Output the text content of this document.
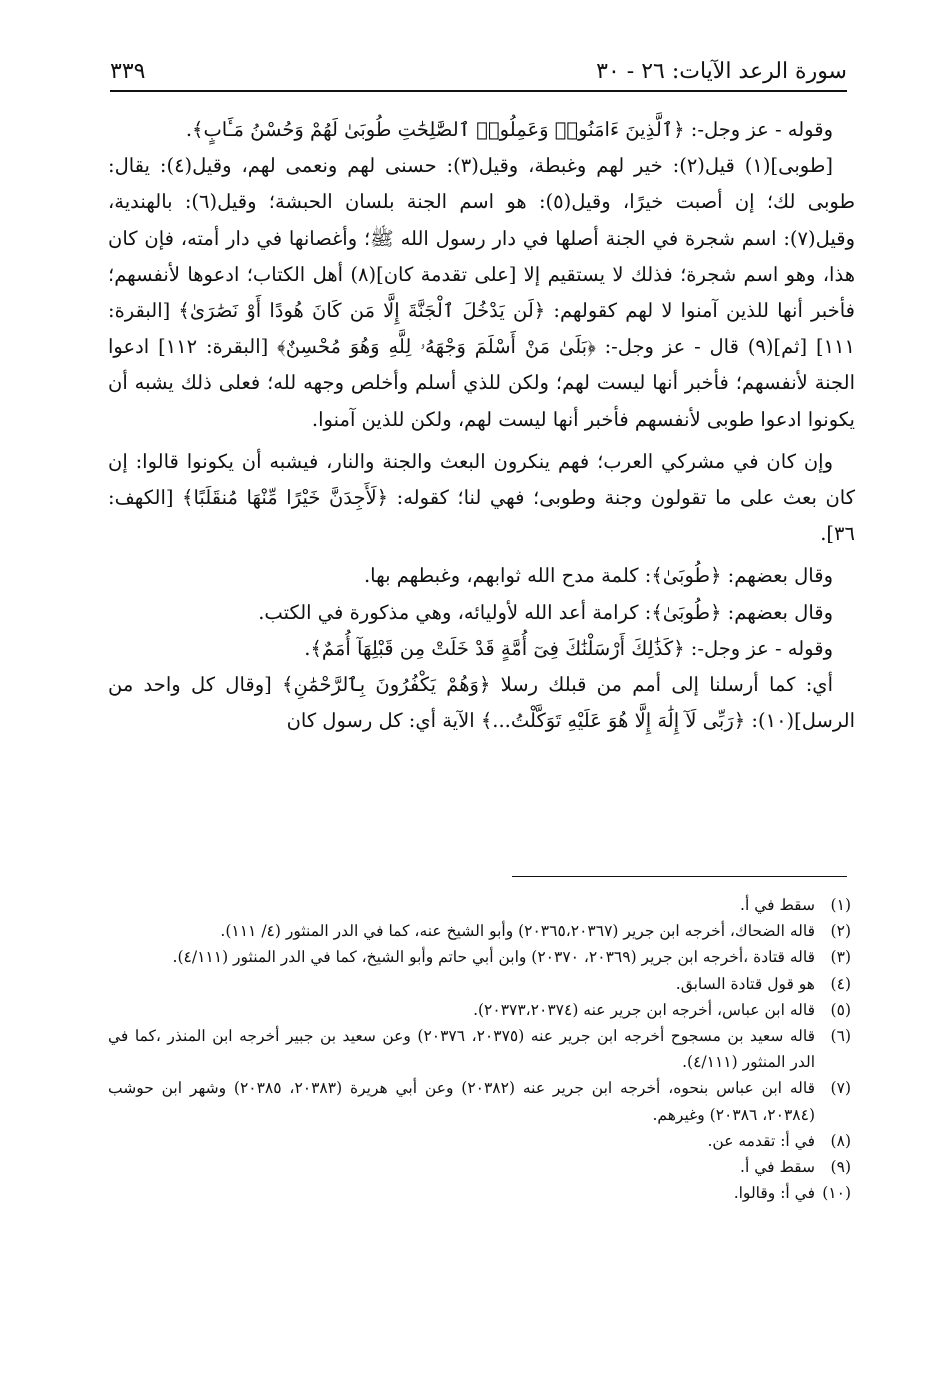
سورة الرعد الآيات: ٢٦ - ٣٠
٣٣٩

وقوله - عز وجل-: ﴿ٱلَّذِينَ ءَامَنُوا۟ وَعَمِلُوا۟ ٱلصَّٰلِحَٰتِ طُوبَىٰ لَهُمْ وَحُسْنُ مَـَٔابٍ﴾.

[طوبى](١) قيل(٢): خير لهم وغبطة، وقيل(٣): حسنى لهم ونعمى لهم، وقيل(٤): يقال: طوبى لك؛ إن أصبت خيرًا، وقيل(٥): هو اسم الجنة بلسان الحبشة؛ وقيل(٦): بالهندية، وقيل(٧): اسم شجرة في الجنة أصلها في دار رسول الله ﷺ؛ وأغصانها في دار أمته، فإن كان هذا، وهو اسم شجرة؛ فذلك لا يستقيم إلا [على تقدمة كان](٨) أهل الكتاب؛ ادعوها لأنفسهم؛ فأخبر أنها للذين آمنوا لا لهم كقولهم: ﴿لَن يَدْخُلَ ٱلْجَنَّةَ إِلَّا مَن كَانَ هُودًا أَوْ نَصَٰرَىٰ﴾ [البقرة: ١١١] [ثم](٩) قال - عز وجل-: ﴿بَلَىٰ مَنْ أَسْلَمَ وَجْهَهُۥ لِلَّهِ وَهُوَ مُحْسِنٌ﴾ [البقرة: ١١٢] ادعوا الجنة لأنفسهم؛ فأخبر أنها ليست لهم؛ ولكن للذي أسلم وأخلص وجهه لله؛ فعلى ذلك يشبه أن يكونوا ادعوا طوبى لأنفسهم فأخبر أنها ليست لهم، ولكن للذين آمنوا.

وإن كان في مشركي العرب؛ فهم ينكرون البعث والجنة والنار، فيشبه أن يكونوا قالوا: إن كان بعث على ما تقولون وجنة وطوبى؛ فهي لنا؛ كقوله: ﴿لَأَجِدَنَّ خَيْرًا مِّنْهَا مُنقَلَبًا﴾ [الكهف: ٣٦].

وقال بعضهم: ﴿طُوبَىٰ﴾: كلمة مدح الله ثوابهم، وغبطهم بها.

وقال بعضهم: ﴿طُوبَىٰ﴾: كرامة أعد الله لأوليائه، وهي مذكورة في الكتب.

وقوله - عز وجل-: ﴿كَذَٰلِكَ أَرْسَلْنَٰكَ فِىٓ أُمَّةٍ قَدْ خَلَتْ مِن قَبْلِهَآ أُمَمٌ﴾.

أي: كما أرسلنا إلى أمم من قبلك رسلا ﴿وَهُمْ يَكْفُرُونَ بِٱلرَّحْمَٰنِ﴾ [وقال كل واحد من الرسل](١٠): ﴿رَبِّى لَآ إِلَٰهَ إِلَّا هُوَ عَلَيْهِ تَوَكَّلْتُ...﴾ الآية أي: كل رسول كان

(١)
سقط في أ.
(٢)
قاله الضحاك، أخرجه ابن جرير (٢٠٣٦٥،٢٠٣٦٧) وأبو الشيخ عنه، كما في الدر المنثور (٤/ ١١١).
(٣)
قاله قتادة ،أخرجه ابن جرير (٢٠٣٦٩، ٢٠٣٧٠) وابن أبي حاتم وأبو الشيخ، كما في الدر المنثور (٤/١١١).
(٤)
هو قول قتادة السابق.
(٥)
قاله ابن عباس، أخرجه ابن جرير عنه (٢٠٣٧٣،٢٠٣٧٤).
(٦)
قاله سعيد بن مسجوح أخرجه ابن جرير عنه (٢٠٣٧٥، ٢٠٣٧٦) وعن سعيد بن جبير أخرجه ابن المنذر ،كما في الدر المنثور (٤/١١١).
(٧)
قاله ابن عباس بنحوه، أخرجه ابن جرير عنه (٢٠٣٨٢) وعن أبي هريرة (٢٠٣٨٣، ٢٠٣٨٥) وشهر ابن حوشب (٢٠٣٨٤، ٢٠٣٨٦) وغيرهم.
(٨)
في أ: تقدمه عن.
(٩)
سقط في أ.
(١٠)
في أ: وقالوا.
